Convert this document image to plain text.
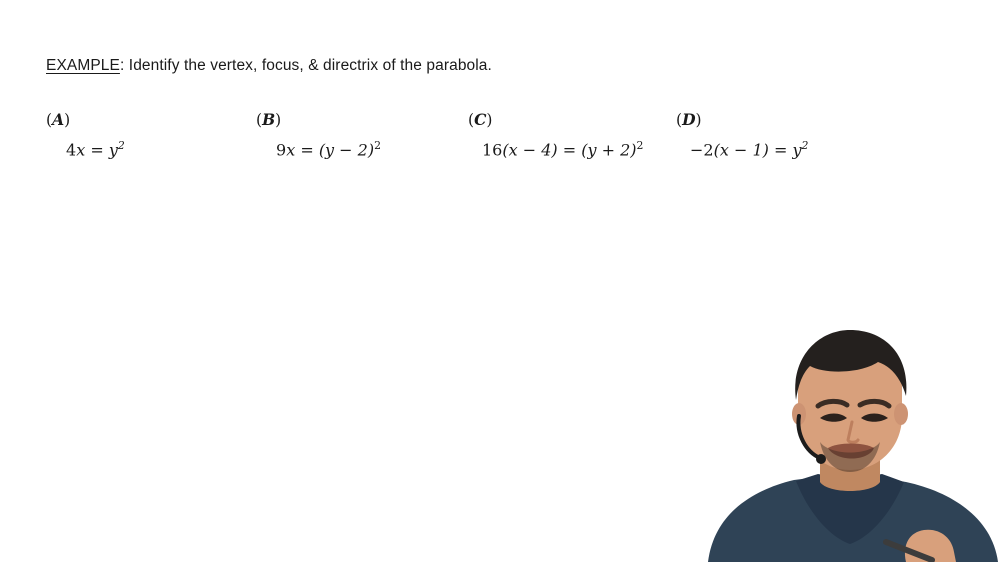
EXAMPLE: Identify the vertex, focus, & directrix of the parabola.
(A)
$4x = y^2$
(B)
$9x = (y - 2)^2$
(C)
$16(x - 4) = (y + 2)^2$
(D)
$-2(x - 1) = y^2$
